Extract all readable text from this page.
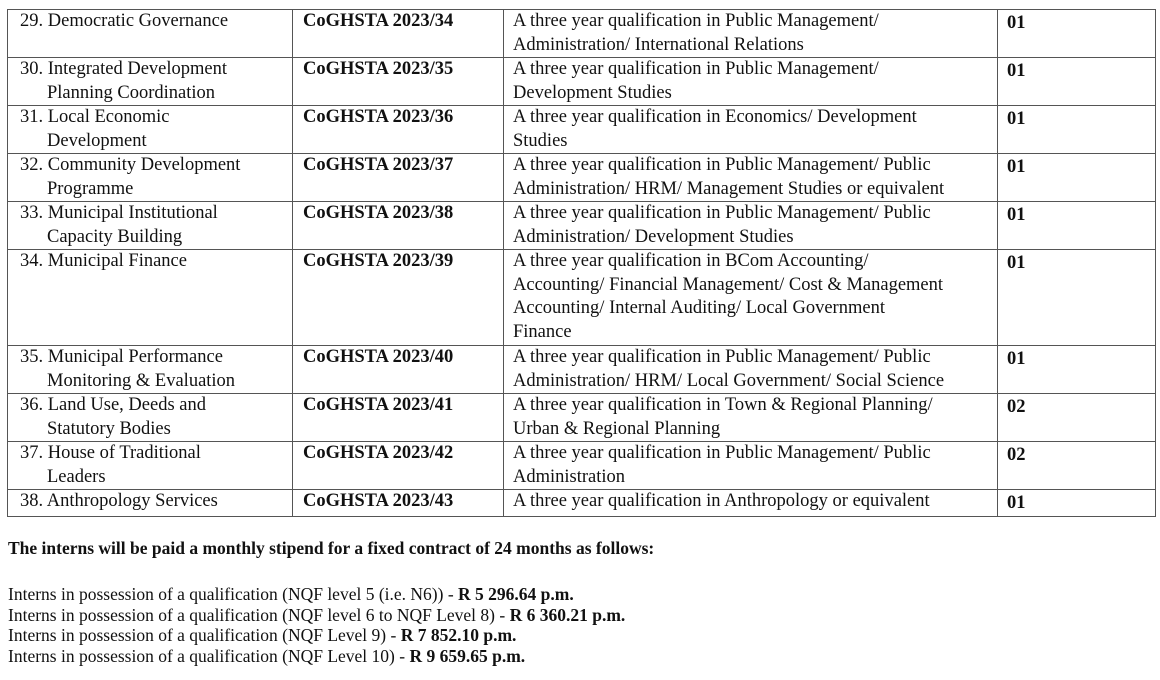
29. Democratic Governance	CoGHSTA 2023/34	A three year qualification in Public Management/
Administration/ International Relations	01

30. Integrated Development
Planning Coordination	CoGHSTA 2023/35	A three year qualification in Public Management/
Development Studies	01

31. Local Economic
Development	CoGHSTA 2023/36	A three year qualification in Economics/ Development
Studies	01

32. Community Development
Programme	CoGHSTA 2023/37	A three year qualification in Public Management/ Public
Administration/ HRM/ Management Studies or equivalent	01

33. Municipal Institutional
Capacity Building	CoGHSTA 2023/38	A three year qualification in Public Management/ Public
Administration/ Development Studies	01

34. Municipal Finance	CoGHSTA 2023/39	A three year qualification in BCom Accounting/
Accounting/ Financial Management/ Cost & Management
Accounting/ Internal Auditing/ Local Government
Finance	01

35. Municipal Performance
Monitoring & Evaluation	CoGHSTA 2023/40	A three year qualification in Public Management/ Public
Administration/ HRM/ Local Government/ Social Science	01

36. Land Use, Deeds and
Statutory Bodies	CoGHSTA 2023/41	A three year qualification in Town & Regional Planning/
Urban & Regional Planning	02

37. House of Traditional
Leaders	CoGHSTA 2023/42	A three year qualification in Public Management/ Public
Administration	02

38. Anthropology Services	CoGHSTA 2023/43	A three year qualification in Anthropology or equivalent	01
The interns will be paid a monthly stipend for a fixed contract of 24 months as follows:
Interns in possession of a qualification (NQF level 5 (i.e. N6)) - R 5 296.64 p.m.
Interns in possession of a qualification (NQF level 6 to NQF Level 8) - R 6 360.21 p.m.
Interns in possession of a qualification (NQF Level 9) - R 7 852.10 p.m.
Interns in possession of a qualification (NQF Level 10) - R 9 659.65 p.m.
